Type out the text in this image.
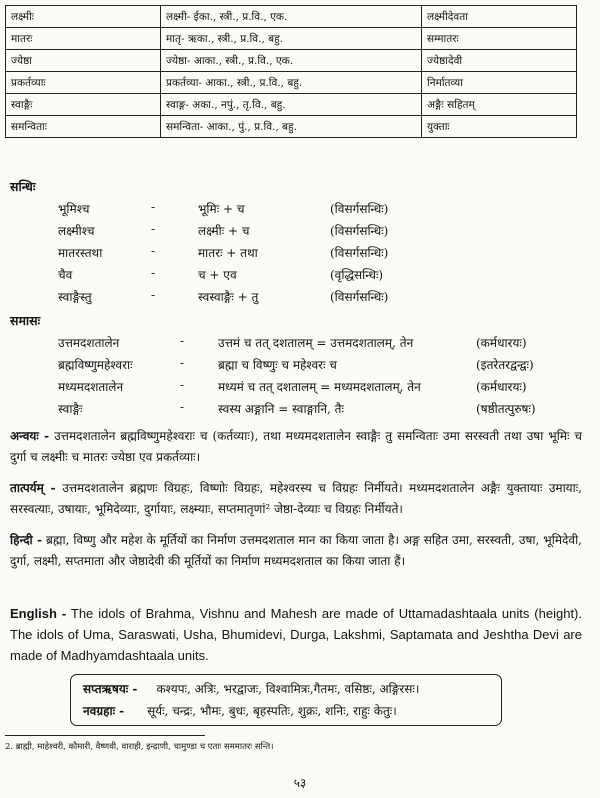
लक्ष्मीः	लक्ष्मी- ईका., स्त्री., प्र.वि., एक.	लक्ष्मीदेवता
मातरः	मातृ- ऋका., स्त्री., प्र.वि., बहु.	सम्मातरः
ज्येष्ठा	ज्येष्ठा- आका., स्त्री., प्र.वि., एक.	ज्येष्ठादेवी
प्रकर्तव्याः	प्रकर्तव्या- आका., स्त्री., प्र.वि., बहु.	निर्मातव्या
स्वाङ्गैः	स्वाङ्ग- अका., नपुं., तृ.वि., बहु.	अङ्गैः सहितम्
समन्विताः	समन्विता- आका., पुं., प्र.वि., बहु.	युक्ताः
सन्धिः
भूमिश्च	-	भूमिः + च	(विसर्गसन्धिः)
लक्ष्मीश्च	-	लक्ष्मीः + च	(विसर्गसन्धिः)
मातरस्तथा	-	मातरः + तथा	(विसर्गसन्धिः)
चैव	-	च + एव	(वृद्धिसन्धिः)
स्वाङ्गैस्तु	-	स्वस्वाङ्गैः + तु	(विसर्गसन्धिः)
समासः
उत्तमदशतालेन	-	उत्तमं च तत् दशतालम् = उत्तमदशतालम्, तेन	(कर्मधारयः)
ब्रह्मविष्णुमहेश्वराः	-	ब्रह्मा च विष्णुः च महेश्वरः च	(इतरेतरद्वन्द्वः)
मध्यमदशतालेन	-	मध्यमं च तत् दशतालम् = मध्यमदशतालम्, तेन	(कर्मधारयः)
स्वाङ्गैः	-	स्वस्य अङ्गानि = स्वाङ्गानि, तैः	(षष्ठीतत्पुरुषः)
अन्वयः - उत्तमदशतालेन ब्रह्मविष्णुमहेश्वराः च (कर्तव्याः), तथा मध्यमदशतालेन स्वाङ्गैः तु समन्विताः उमा सरस्वती तथा उषा भूमिः च दुर्गा च लक्ष्मीः च मातरः ज्येष्ठा एव प्रकर्तव्याः।
तात्पर्यम् - उत्तमदशतालेन ब्रह्मणः विग्रहः, विष्णोः विग्रहः, महेश्वरस्य च विग्रहः निर्मीयते। मध्यमदशतालेन अङ्गैः युक्तायाः उमायाः, सरस्वत्याः, उषायाः, भूमिदेव्याः, दुर्गायाः, लक्ष्म्याः, सप्तमातृणां² जेष्ठा-देव्याः च विग्रहः निर्मीयते।
हिन्दी - ब्रह्मा, विष्णु और महेश के मूर्तियों का निर्माण उत्तमदशताल मान का किया जाता है। अङ्ग सहित उमा, सरस्वती, उषा, भूमिदेवी, दुर्गा, लक्ष्मी, सप्तमाता और जेष्ठादेवी की मूर्तियों का निर्माण मध्यमदशताल का किया जाता हैं।
English - The idols of Brahma, Vishnu and Mahesh are made of Uttamadashtaala units (height). The idols of Uma, Saraswati, Usha, Bhumidevi, Durga, Lakshmi, Saptamata and Jeshtha Devi are made of Madhyamdashtaala units.
सप्तऋषयः - कश्यपः, अत्रिः, भरद्वाजः, विश्वामित्रः,गैतमः, वसिष्ठः, अङ्गिरसः।
नवग्रहाः - सूर्यः, चन्द्रः, भौमः, बुधः, बृहस्पतिः, शुक्रः, शनिः, राहुः केतुः।
2. ब्राह्मी, माहेश्वरी, कौमारी, वैष्णवी, वाराही, इन्द्राणी, चामुण्डा च एताः सममातरः सन्ति।
५३
